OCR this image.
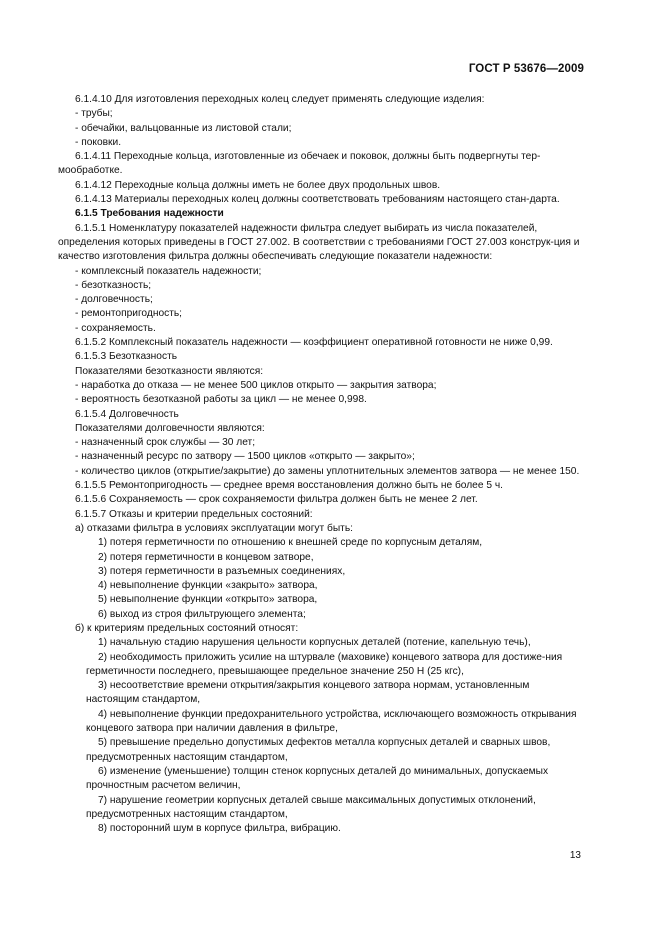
ГОСТ Р 53676—2009

6.1.4.10 Для изготовления переходных колец следует применять следующие изделия:

- трубы;

- обечайки, вальцованные из листовой стали;

- поковки.

6.1.4.11 Переходные кольца, изготовленные из обечаек и поковок, должны быть подвергнуты тер-мообработке.

6.1.4.12 Переходные кольца должны иметь не более двух продольных швов.

6.1.4.13 Материалы переходных колец должны соответствовать требованиям настоящего стан-дарта.

6.1.5 Требования надежности

6.1.5.1 Номенклатуру показателей надежности фильтра следует выбирать из числа показателей, определения которых приведены в ГОСТ 27.002. В соответствии с требованиями ГОСТ 27.003 конструк-ция и качество изготовления фильтра должны обеспечивать следующие показатели надежности:

- комплексный показатель надежности;

- безотказность;

- долговечность;

- ремонтопригодность;

- сохраняемость.

6.1.5.2 Комплексный показатель надежности — коэффициент оперативной готовности не ниже 0,99.

6.1.5.3 Безотказность

Показателями безотказности являются:

- наработка до отказа — не менее 500 циклов открыто — закрытия затвора;

- вероятность безотказной работы за цикл — не менее 0,998.

6.1.5.4 Долговечность

Показателями долговечности являются:

- назначенный срок службы — 30 лет;

- назначенный ресурс по затвору — 1500 циклов «открыто — закрыто»;

- количество циклов (открытие/закрытие) до замены уплотнительных элементов затвора — не менее 150.

6.1.5.5 Ремонтопригодность — среднее время восстановления должно быть не более 5 ч.

6.1.5.6 Сохраняемость — срок сохраняемости фильтра должен быть не менее 2 лет.

6.1.5.7 Отказы и критерии предельных состояний:

а) отказами фильтра в условиях эксплуатации могут быть:

1) потеря герметичности по отношению к внешней среде по корпусным деталям,

2) потеря герметичности в концевом затворе,

3) потеря герметичности в разъемных соединениях,

4) невыполнение функции «закрыто» затвора,

5) невыполнение функции «открыто» затвора,

6) выход из строя фильтрующего элемента;

б) к критериям предельных состояний относят:

1) начальную стадию нарушения цельности корпусных деталей (потение, капельную течь),

2) необходимость приложить усилие на штурвале (маховике) концевого затвора для достиже-ния герметичности последнего, превышающее предельное значение 250 Н (25 кгс),

3) несоответствие времени открытия/закрытия концевого затвора нормам, установленным настоящим стандартом,

4) невыполнение функции предохранительного устройства, исключающего возможность открывания концевого затвора при наличии давления в фильтре,

5) превышение предельно допустимых дефектов металла корпусных деталей и сварных швов, предусмотренных настоящим стандартом,

6) изменение (уменьшение) толщин стенок корпусных деталей до минимальных, допускаемых прочностным расчетом величин,

7) нарушение геометрии корпусных деталей свыше максимальных допустимых отклонений, предусмотренных настоящим стандартом,

8) посторонний шум в корпусе фильтра, вибрацию.

13
